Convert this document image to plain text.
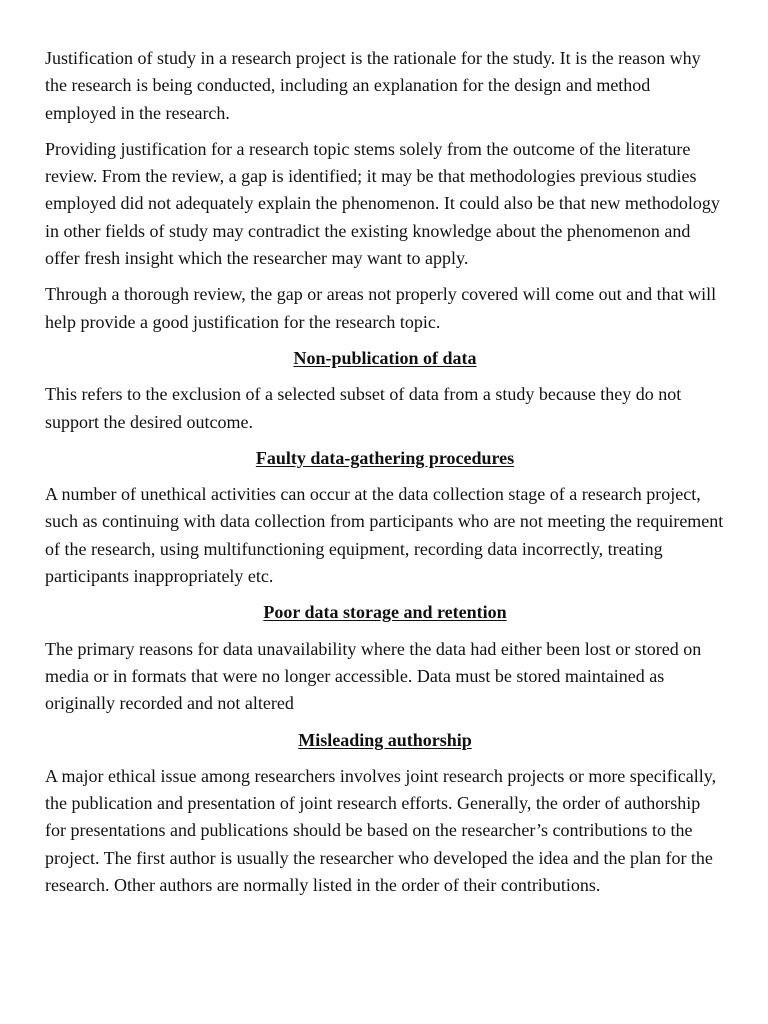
Justification of study in a research project is the rationale for the study. It is the reason why the research is being conducted, including an explanation for the design and method employed in the research.

Providing justification for a research topic stems solely from the outcome of the literature review. From the review, a gap is identified; it may be that methodologies previous studies employed did not adequately explain the phenomenon. It could also be that new methodology in other fields of study may contradict the existing knowledge about the phenomenon and offer fresh insight which the researcher may want to apply.

Through a thorough review, the gap or areas not properly covered will come out and that will help provide a good justification for the research topic.

Non-publication of data

This refers to the exclusion of a selected subset of data from a study because they do not support the desired outcome.

Faulty data-gathering procedures

A number of unethical activities can occur at the data collection stage of a research project, such as continuing with data collection from participants who are not meeting the requirement of the research, using multifunctioning equipment, recording data incorrectly, treating participants inappropriately etc.

Poor data storage and retention

The primary reasons for data unavailability where the data had either been lost or stored on media or in formats that were no longer accessible. Data must be stored maintained as originally recorded and not altered

Misleading authorship

A major ethical issue among researchers involves joint research projects or more specifically, the publication and presentation of joint research efforts. Generally, the order of authorship for presentations and publications should be based on the researcher’s contributions to the project. The first author is usually the researcher who developed the idea and the plan for the research. Other authors are normally listed in the order of their contributions.
